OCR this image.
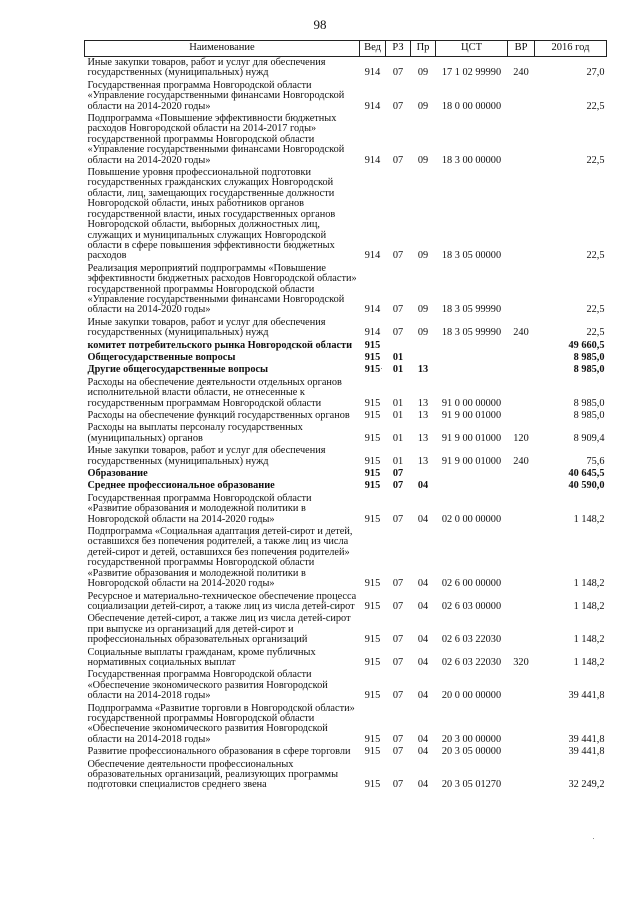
98
Наименование	Вед	РЗ	Пр	ЦСТ	ВР	2016 год
Иные закупки товаров, работ и услуг для обеспечения государственных (муниципальных) нужд	914	07	09	17 1 02 99990	240	27,0
Государственная программа Новгородской области «Управление государственными финансами Новгородской области на 2014-2020 годы»	914	07	09	18 0 00 00000		22,5
Подпрограмма «Повышение эффективности бюджетных расходов Новгородской области на 2014-2017 годы» государственной программы Новгородской области «Управление государственными финансами Новгородской области на 2014-2020 годы»	914	07	09	18 3 00 00000		22,5
Повышение уровня профессиональной подготовки государственных гражданских служащих Новгородской области, лиц, замещающих государственные должности Новгородской области, иных работников органов государственной власти, иных государственных органов Новгородской области, выборных должностных лиц, служащих и муниципальных служащих Новгородской области в сфере повышения эффективности бюджетных расходов	914	07	09	18 3 05 00000		22,5
Реализация мероприятий подпрограммы «Повышение эффективности бюджетных расходов Новгородской области» государственной программы Новгородской области «Управление государственными финансами Новгородской области на 2014-2020 годы»	914	07	09	18 3 05 99990		22,5
Иные закупки товаров, работ и услуг для обеспечения государственных (муниципальных) нужд	914	07	09	18 3 05 99990	240	22,5
комитет потребительского рынка Новгородской области	915					49 660,5
Общегосударственные вопросы	915	01				8 985,0
Другие общегосударственные вопросы	915	01	13			8 985,0
Расходы на обеспечение деятельности отдельных органов исполнительной власти области, не отнесенные к государственным программам Новгородской области	915	01	13	91 0 00 00000		8 985,0
Расходы на обеспечение функций государственных органов	915	01	13	91 9 00 01000		8 985,0
Расходы на выплаты персоналу государственных (муниципальных) органов	915	01	13	91 9 00 01000	120	8 909,4
Иные закупки товаров, работ и услуг для обеспечения государственных (муниципальных) нужд	915	01	13	91 9 00 01000	240	75,6
Образование	915	07				40 645,5
Среднее профессиональное образование	915	07	04			40 590,0
Государственная программа Новгородской области «Развитие образования и молодежной политики в Новгородской области на 2014-2020 годы»	915	07	04	02 0 00 00000		1 148,2
Подпрограмма «Социальная адаптация детей-сирот и детей, оставшихся без попечения родителей, а также лиц из числа детей-сирот и детей, оставшихся без попечения родителей» государственной программы Новгородской области «Развитие образования и молодежной политики в Новгородской области на 2014-2020 годы»	915	07	04	02 6 00 00000		1 148,2
Ресурсное и материально-техническое обеспечение процесса социализации детей-сирот, а также лиц из числа детей-сирот	915	07	04	02 6 03 00000		1 148,2
Обеспечение детей-сирот, а также лиц из числа детей-сирот при выпуске из организаций для детей-сирот и профессиональных образовательных организаций	915	07	04	02 6 03 22030		1 148,2
Социальные выплаты гражданам, кроме публичных нормативных социальных выплат	915	07	04	02 6 03 22030	320	1 148,2
Государственная программа Новгородской области «Обеспечение экономического развития Новгородской области на 2014-2018 годы»	915	07	04	20 0 00 00000		39 441,8
Подпрограмма «Развитие торговли в Новгородской области» государственной программы Новгородской области «Обеспечение экономического развития Новгородской области на 2014-2018 годы»	915	07	04	20 3 00 00000		39 441,8
Развитие профессионального образования в сфере торговли	915	07	04	20 3 05 00000		39 441,8
Обеспечение деятельности профессиональных образовательных организаций, реализующих программы подготовки специалистов среднего звена	915	07	04	20 3 05 01270		32 249,2
